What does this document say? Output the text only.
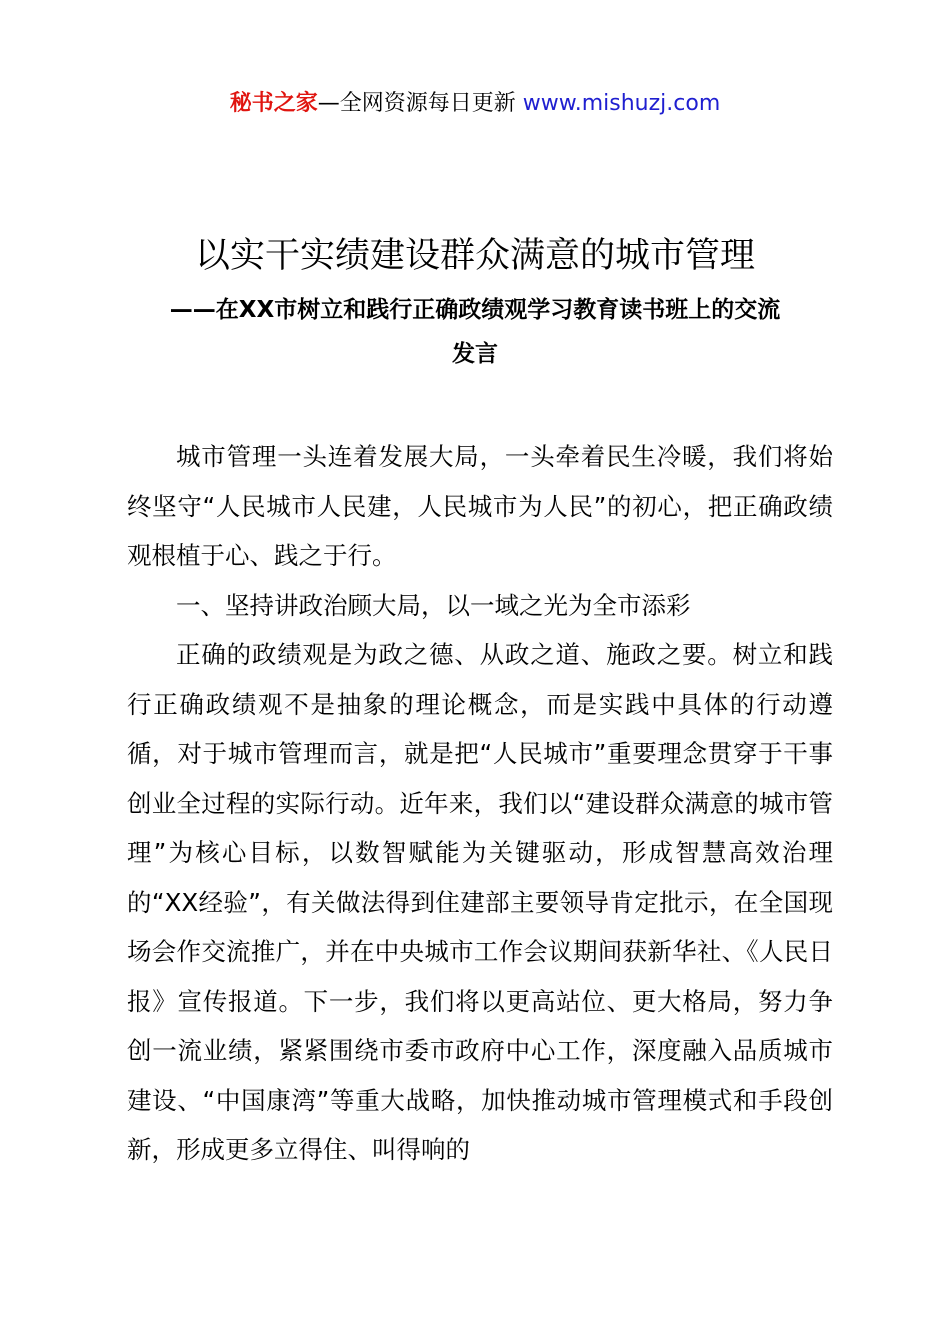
秘书之家—全网资源每日更新 www.mishuzj.com
以实干实绩建设群众满意的城市管理
——在XX市树立和践行正确政绩观学习教育读书班上的交流发言

城市管理一头连着发展大局，一头牵着民生冷暖，我们将始终坚守“人民城市人民建，人民城市为人民”的初心，把正确政绩观根植于心、践之于行。

一、坚持讲政治顾大局，以一域之光为全市添彩

正确的政绩观是为政之德、从政之道、施政之要。树立和践行正确政绩观不是抽象的理论概念，而是实践中具体的行动遵循，对于城市管理而言，就是把“人民城市”重要理念贯穿于干事创业全过程的实际行动。近年来，我们以“建设群众满意的城市管理”为核心目标，以数智赋能为关键驱动，形成智慧高效治理的“XX经验”，有关做法得到住建部主要领导肯定批示，在全国现场会作交流推广，并在中央城市工作会议期间获新华社、《人民日报》宣传报道。下一步，我们将以更高站位、更大格局，努力争创一流业绩，紧紧围绕市委市政府中心工作，深度融入品质城市建设、“中国康湾”等重大战略，加快推动城市管理模式和手段创新，形成更多立得住、叫得响的
